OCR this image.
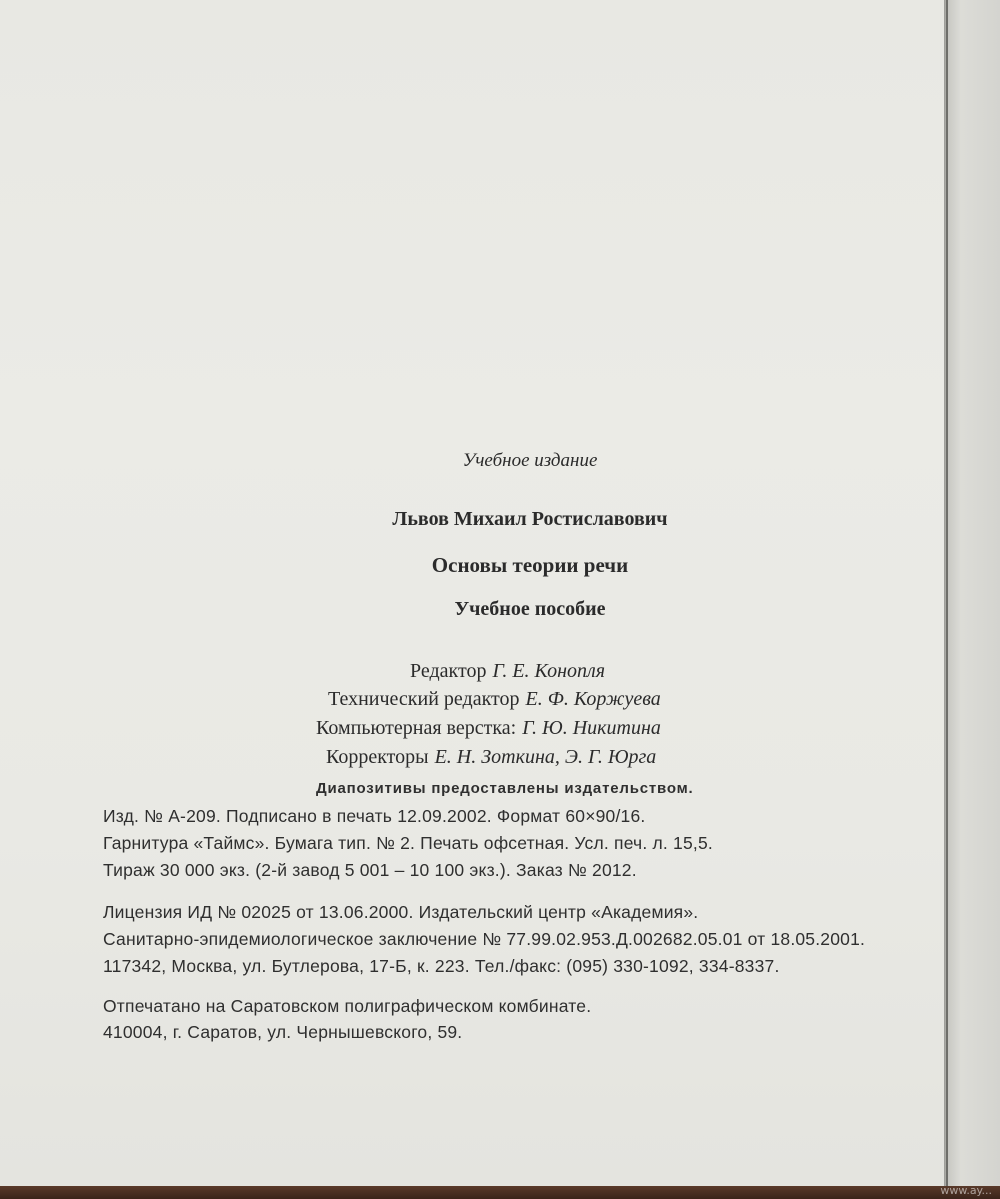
Учебное издание
Львов Михаил Ростиславович
Основы теории речи
Учебное пособие
Редактор Г. Е. Конопля
Технический редактор Е. Ф. Коржуева
Компьютерная верстка: Г. Ю. Никитина
Корректоры Е. Н. Зоткина, Э. Г. Юрга
Диапозитивы предоставлены издательством.
Изд. № А-209. Подписано в печать 12.09.2002. Формат 60×90/16.
Гарнитура «Таймс». Бумага тип. № 2. Печать офсетная. Усл. печ. л. 15,5.
Тираж 30 000 экз. (2-й завод 5 001 – 10 100 экз.). Заказ № 2012.
Лицензия ИД № 02025 от 13.06.2000. Издательский центр «Академия».
Санитарно-эпидемиологическое заключение № 77.99.02.953.Д.002682.05.01 от 18.05.2001.
117342, Москва, ул. Бутлерова, 17-Б, к. 223. Тел./факс: (095) 330-1092, 334-8337.
Отпечатано на Саратовском полиграфическом комбинате.
410004, г. Саратов, ул. Чернышевского, 59.
www.ay...
